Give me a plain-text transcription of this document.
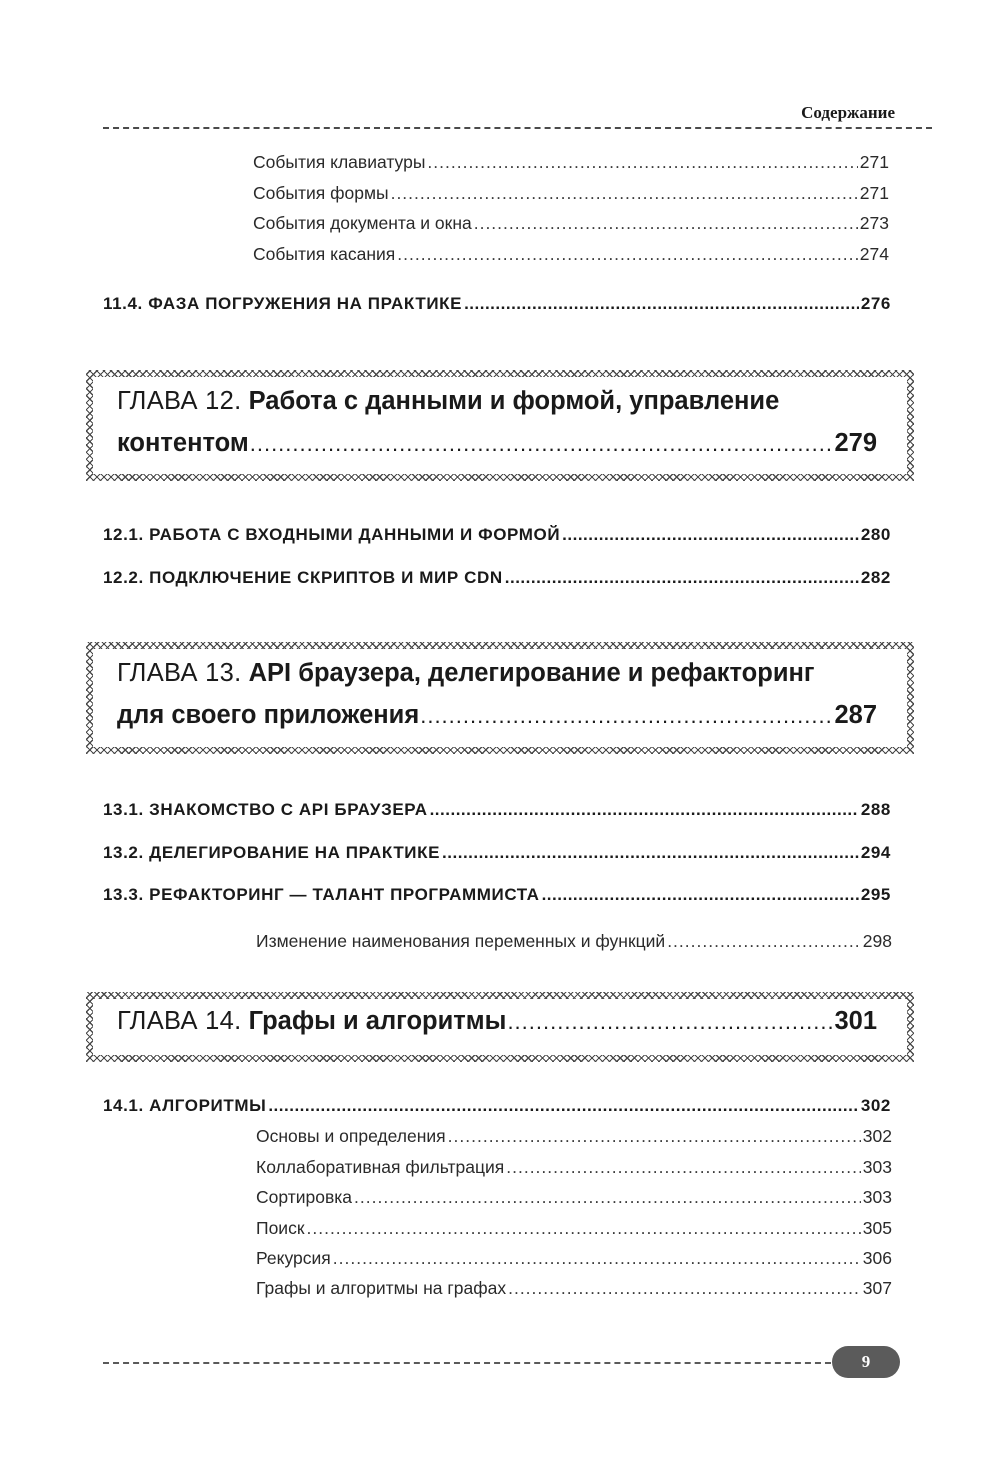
Содержание
События клавиатуры .....	271
События формы .....	271
События документа и окна .....	273
События касания .....	274
11.4. ФАЗА ПОГРУЖЕНИЯ НА ПРАКТИКЕ .....	276
ГЛАВА 12.
Работа с данными и формой, управление
контентом .....	279
12.1. РАБОТА С ВХОДНЫМИ ДАННЫМИ И ФОРМОЙ .....	280
12.2. ПОДКЛЮЧЕНИЕ СКРИПТОВ И МИР CDN .....	282
ГЛАВА 13.
API браузера, делегирование и рефакторинг
для своего приложения .....	287
13.1. ЗНАКОМСТВО С API БРАУЗЕРА .....	288
13.2. ДЕЛЕГИРОВАНИЕ НА ПРАКТИКЕ .....	294
13.3. РЕФАКТОРИНГ — ТАЛАНТ ПРОГРАММИСТА .....	295
Изменение наименования переменных и функций .....	298
ГЛАВА 14.
Графы и алгоритмы .....	301
14.1. АЛГОРИТМЫ .....	302
Основы и определения .....	302
Коллаборативная фильтрация .....	303
Сортировка .....	303
Поиск .....	305
Рекурсия .....	306
Графы и алгоритмы на графах .....	307
9
